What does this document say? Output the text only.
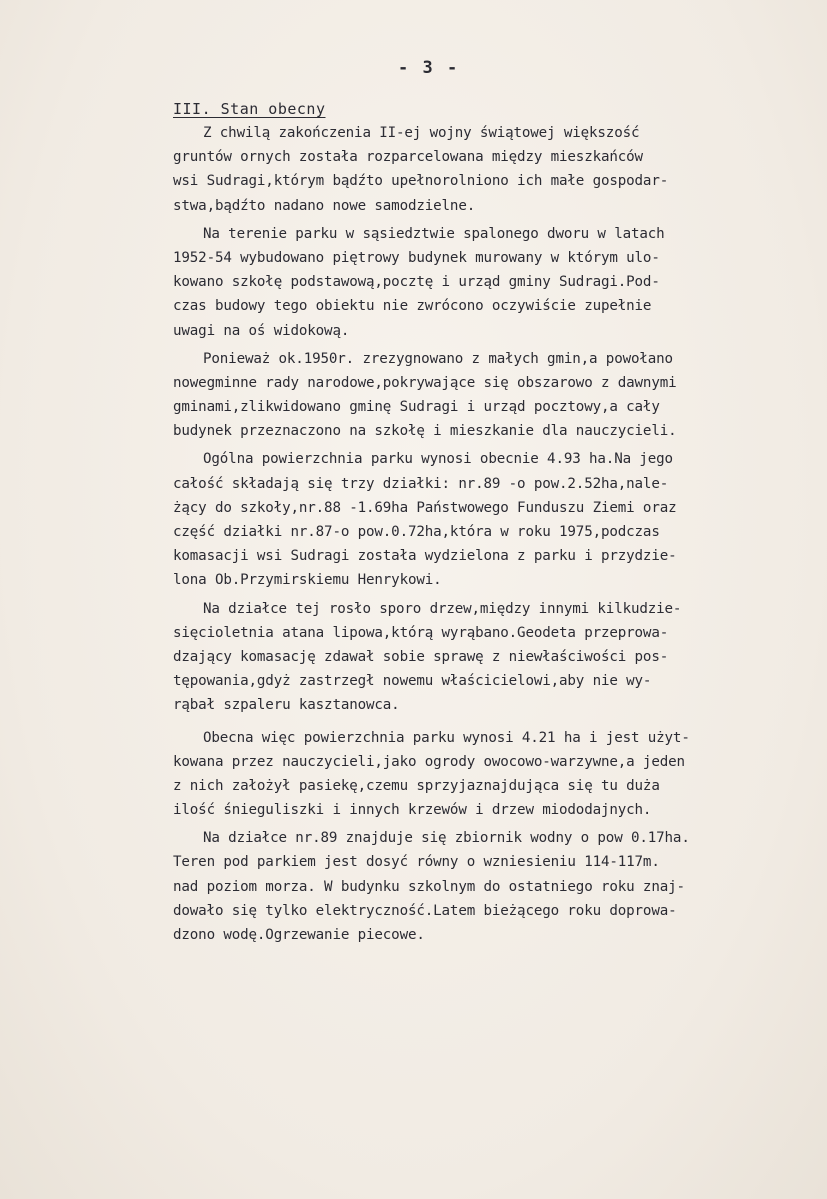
- 3 -
III. Stan obecny
Z chwilą zakończenia II-ej wojny świątowej większość
gruntów ornych została rozparcelowana między mieszkańców
wsi Sudragi,którym bądźto upełnorolniono ich małe gospodar-
stwa,bądźto nadano nowe samodzielne.
Na terenie parku w sąsiedztwie spalonego dworu w latach
1952-54 wybudowano piętrowy budynek murowany w którym ulo-
kowano szkołę podstawową,pocztę i urząd gminy Sudragi.Pod-
czas budowy tego obiektu nie zwrócono oczywiście zupełnie
uwagi na oś widokową.
Ponieważ ok.1950r. zrezygnowano z małych gmin,a powołano
nowegminne rady narodowe,pokrywające się obszarowo z dawnymi
gminami,zlikwidowano gminę Sudragi i urząd pocztowy,a cały
budynek przeznaczono na szkołę i mieszkanie dla nauczycieli.
Ogólna powierzchnia parku wynosi obecnie 4.93 ha.Na jego
całość składają się trzy działki: nr.89 -o pow.2.52ha,nale-
żący do szkoły,nr.88 -1.69ha Państwowego Funduszu Ziemi oraz
część działki nr.87-o pow.0.72ha,która w roku 1975,podczas
komasacji wsi Sudragi została wydzielona z parku i przydzie-
lona Ob.Przymirskiemu Henrykowi.
Na działce tej rosło sporo drzew,między innymi kilkudzie-
sięcioletnia atana lipowa,którą wyrąbano.Geodeta przeprowa-
dzający komasację zdawał sobie sprawę z niewłaściwości pos-
tępowania,gdyż zastrzegł nowemu właścicielowi,aby nie wy-
rąbał szpaleru kasztanowca.
Obecna więc powierzchnia parku wynosi 4.21 ha i jest użyt-
kowana przez nauczycieli,jako ogrody owocowo-warzywne,a jeden
z nich założył pasiekę,czemu sprzyjaznajdująca się tu duża
ilość śnieguliszki i innych krzewów i drzew miododajnych.
Na działce nr.89 znajduje się zbiornik wodny o pow 0.17ha.
Teren pod parkiem jest dosyć równy o wzniesieniu 114-117m.
nad poziom morza. W budynku szkolnym do ostatniego roku znaj-
dowało się tylko elektryczność.Latem bieżącego roku doprowa-
dzono wodę.Ogrzewanie piecowe.
